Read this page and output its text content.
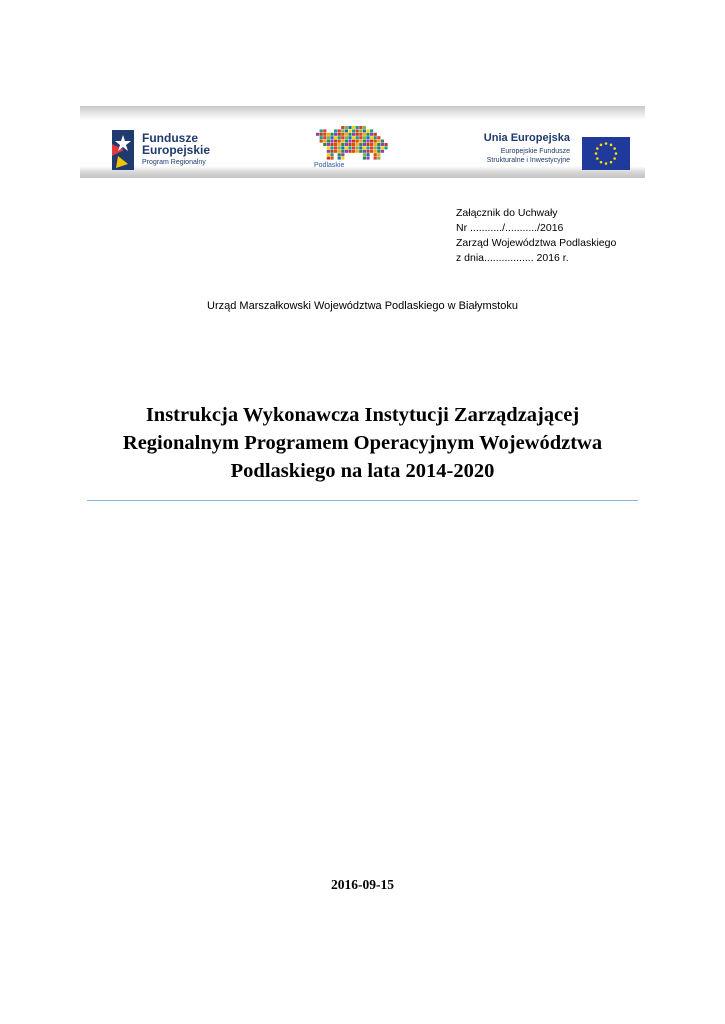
Fundusze
Europejskie
Program Regionalny	Podlaskie
Unia Europejska
Europejskie Fundusze
Strukturalne i Inwestycyjne
Załącznik do Uchwały
Nr .........../.........../2016
Zarząd Województwa Podlaskiego
z dnia................. 2016 r.
Urząd Marszałkowski Województwa Podlaskiego w Białymstoku
Instrukcja Wykonawcza Instytucji Zarządzającej
Regionalnym Programem Operacyjnym Województwa
Podlaskiego na lata 2014-2020
2016-09-15
